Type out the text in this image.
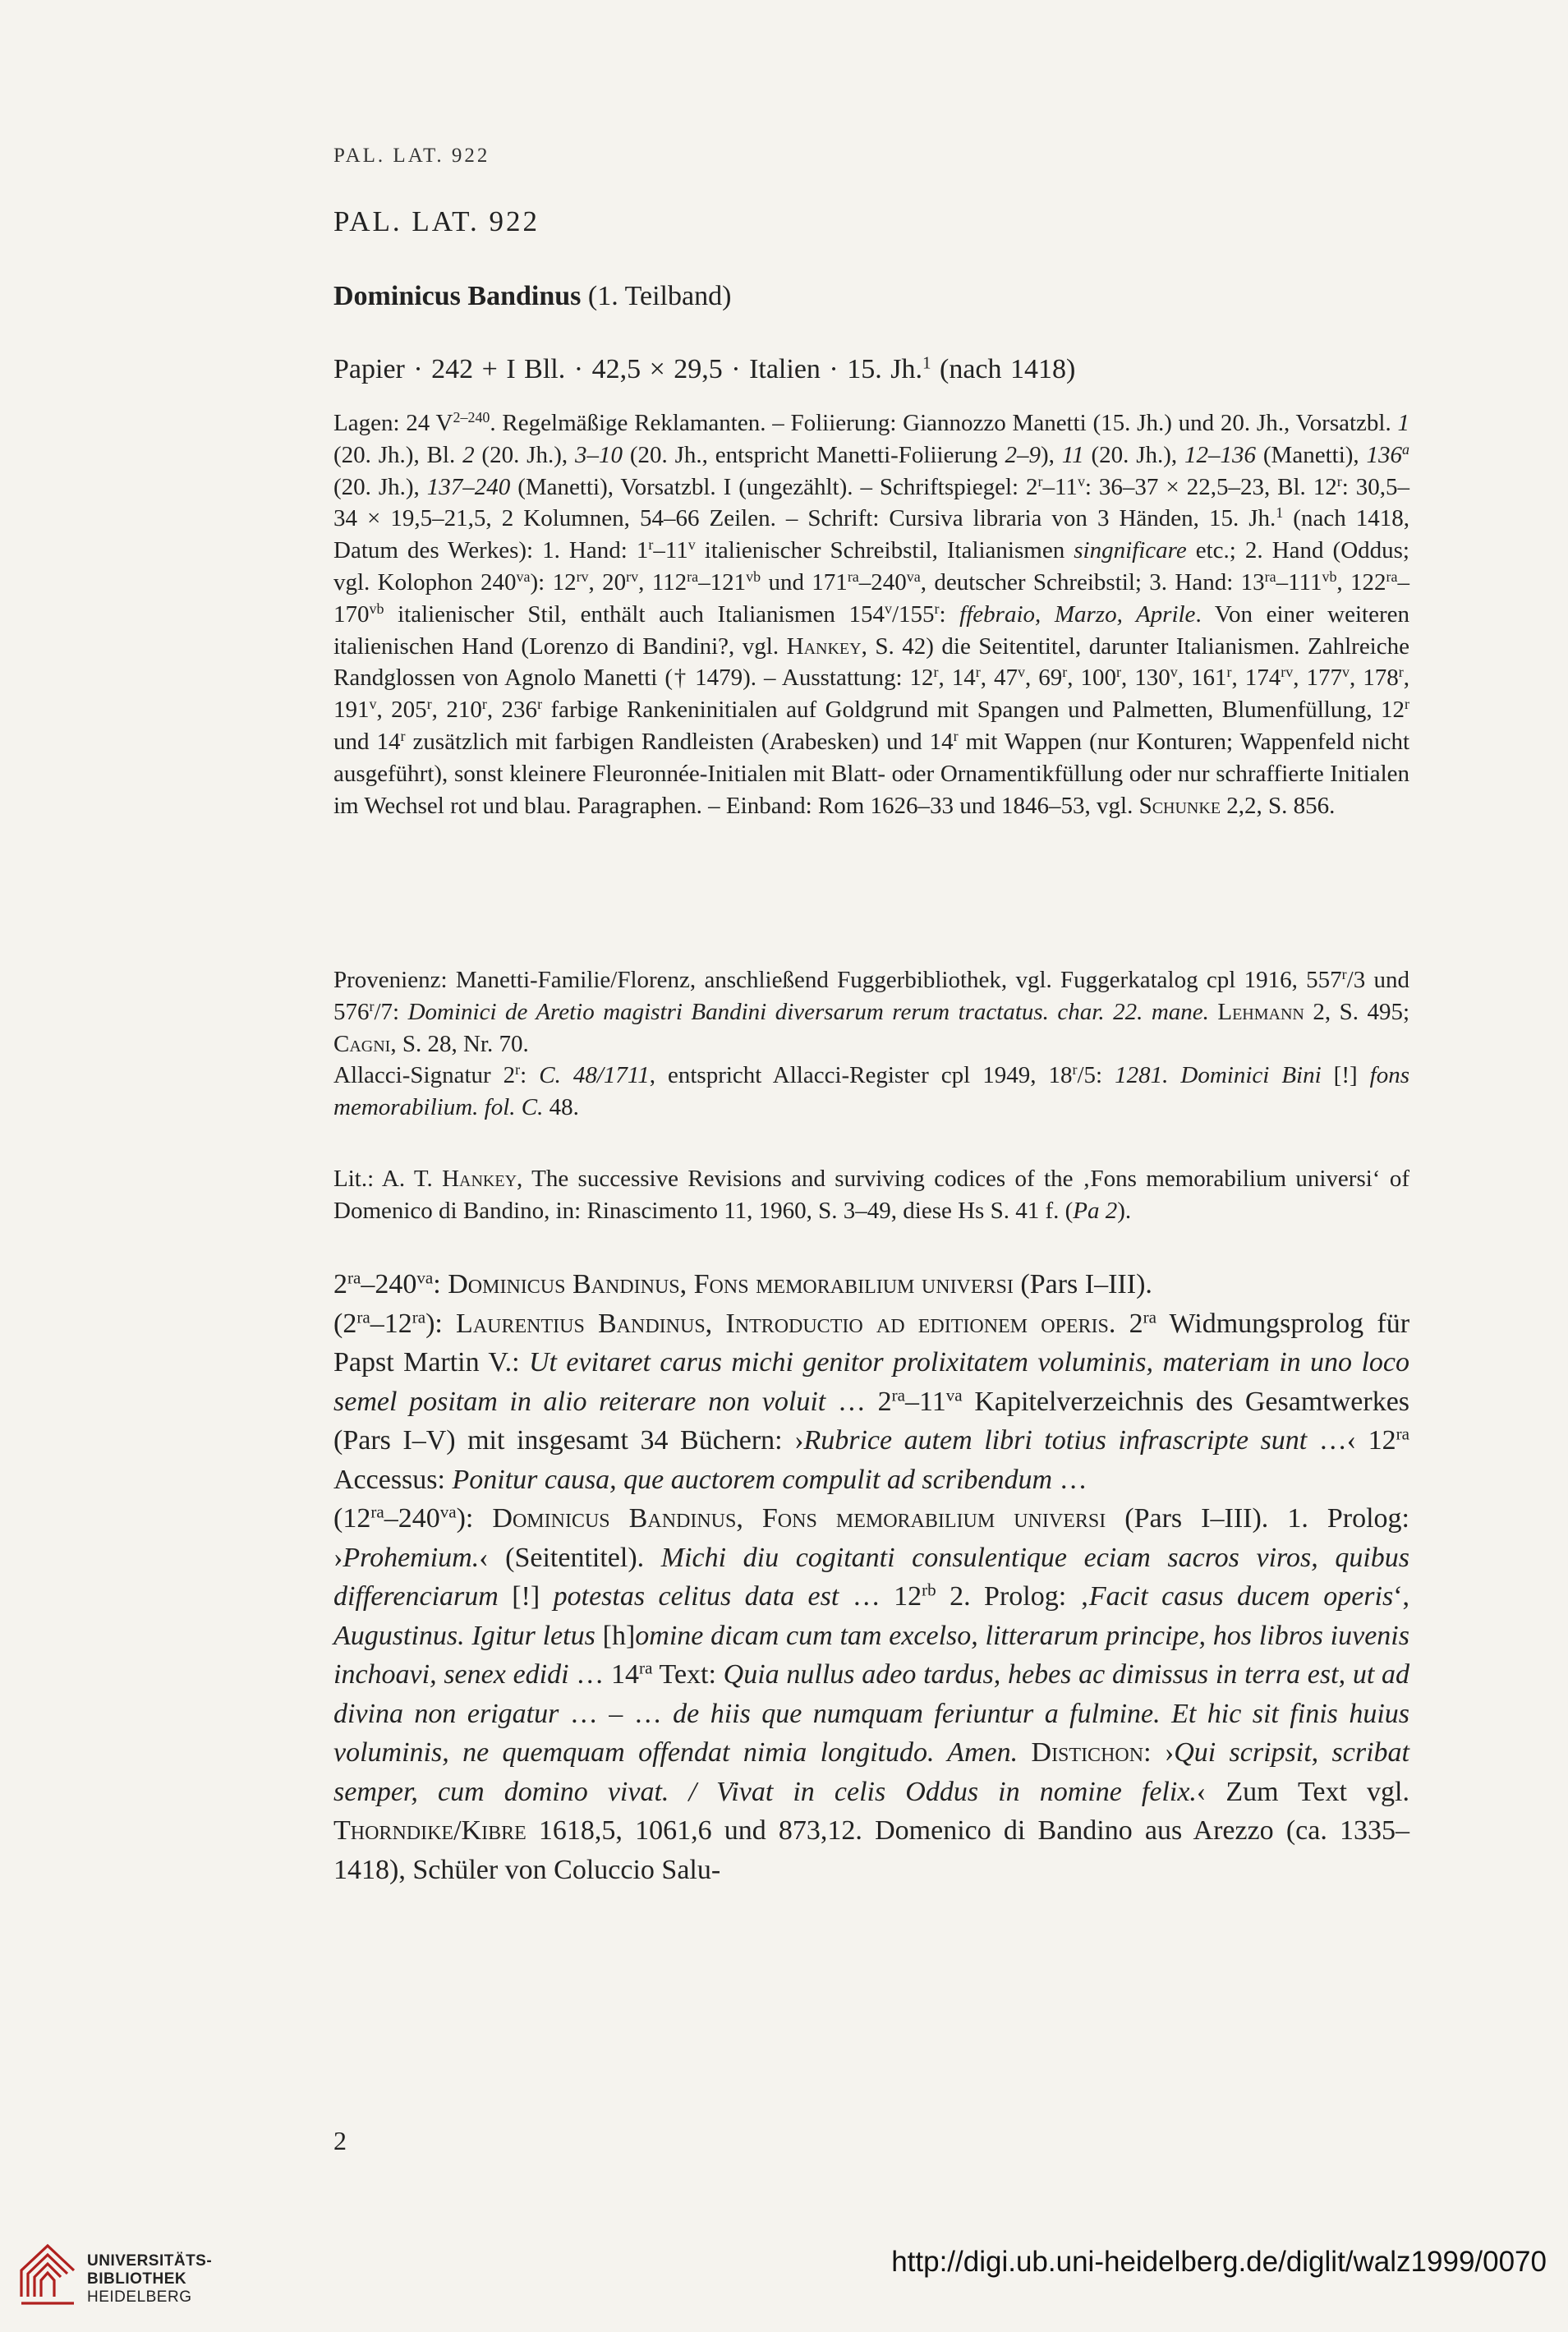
PAL. LAT. 922
PAL. LAT. 922
Dominicus Bandinus (1. Teilband)
Papier · 242 + I Bll. · 42,5 × 29,5 · Italien · 15. Jh.$^1$ (nach 1418)

Lagen: 24 $V^{2-240}$. Regelmäßige Reklamanten. – Foliierung: Giannozzo Manetti (15. Jh.) und 20. Jh., Vorsatzbl. 1 (20. Jh.), Bl. 2 (20. Jh.), 3–10 (20. Jh., entspricht Manetti-Foliierung 2–9), 11 (20. Jh.), 12–136 (Manetti), 136$^a$ (20. Jh.), 137–240 (Manetti), Vorsatzbl. I (ungezählt). – Schriftspiegel: 2$^r$–11$^v$: 36–37 × 22,5–23, Bl. 12$^r$: 30,5–34 × 19,5–21,5, 2 Kolumnen, 54–66 Zeilen. – Schrift: Cursiva libraria von 3 Händen, 15. Jh.$^1$ (nach 1418, Datum des Werkes): 1. Hand: 1$^r$–11$^v$ italienischer Schreibstil, Italianismen singnificare etc.; 2. Hand (Oddus; vgl. Kolophon $240^{va}$): $12^{rv}$, $20^{rv}$, $112^{ra}-121^{vb}$ und $171^{ra}-240^{va}$, deutscher Schreibstil; 3. Hand: $13^{ra}-111^{vb}$, $122^{ra}-170^{vb}$ italienischer Stil, enthält auch Italianismen 154$^v$/155$^r$: ffebraio, Marzo, Aprile. Von einer weiteren italienischen Hand (Lorenzo di Bandini?, vgl. Hankey, S. 42) die Seitentitel, darunter Italianismen. Zahlreiche Randglossen von Agnolo Manetti († 1479). – Ausstattung: 12$^r$, 14$^r$, 47$^v$, 69$^r$, 100$^r$, 130$^v$, 161$^r$, $174^{rv}$, 177$^v$, 178$^r$, 191$^v$, 205$^r$, 210$^r$, 236$^r$ farbige Rankeninitialen auf Goldgrund mit Spangen und Palmetten, Blumenfüllung, 12$^r$ und 14$^r$ zusätzlich mit farbigen Randleisten (Arabesken) und 14$^r$ mit Wappen (nur Konturen; Wappenfeld nicht ausgeführt), sonst kleinere Fleuronnée-Initialen mit Blatt- oder Ornamentikfüllung oder nur schraffierte Initialen im Wechsel rot und blau. Paragraphen. – Einband: Rom 1626–33 und 1846–53, vgl. Schunke 2,2, S. 856.

Provenienz: Manetti-Familie/Florenz, anschließend Fuggerbibliothek, vgl. Fuggerkatalog cpl 1916, 557$^r$/3 und 576$^r$/7: Dominici de Aretio magistri Bandini diversarum rerum tractatus. char. 22. mane. Lehmann 2, S. 495; Cagni, S. 28, Nr. 70.

Allacci-Signatur 2$^r$: C. 48/1711, entspricht Allacci-Register cpl 1949, 18$^r$/5: 1281. Dominici Bini [!] fons memorabilium. fol. C. 48.

Lit.: A. T. Hankey, The successive Revisions and surviving codices of the ‚Fons memorabilium universi‘ of Domenico di Bandino, in: Rinascimento 11, 1960, S. 3–49, diese Hs S. 41 f. (Pa 2).

$2^{ra}-240^{va}$: Dominicus Bandinus, Fons memorabilium universi (Pars I–III).

$(2^{ra}-12^{ra})$: Laurentius Bandinus, Introductio ad editionem operis. $2^{ra}$ Widmungsprolog für Papst Martin V.: Ut evitaret carus michi genitor prolixitatem voluminis, materiam in uno loco semel positam in alio reiterare non voluit … $2^{ra}-11^{va}$ Kapitelverzeichnis des Gesamtwerkes (Pars I–V) mit insgesamt 34 Büchern: ›Rubrice autem libri totius infrascripte sunt …‹ $12^{ra}$ Accessus: Ponitur causa, que auctorem compulit ad scribendum …

$(12^{ra}-240^{va})$: Dominicus Bandinus, Fons memorabilium universi (Pars I–III). 1. Prolog: ›Prohemium.‹ (Seitentitel). Michi diu cogitanti consulentique eciam sacros viros, quibus differenciarum [!] potestas celitus data est … $12^{rb}$ 2. Prolog: ‚Facit casus ducem operis‘, Augustinus. Igitur letus [h]omine dicam cum tam excelso, litterarum principe, hos libros iuvenis inchoavi, senex edidi … $14^{ra}$ Text: Quia nullus adeo tardus, hebes ac dimissus in terra est, ut ad divina non erigatur … – … de hiis que numquam feriuntur a fulmine. Et hic sit finis huius voluminis, ne quemquam offendat nimia longitudo. Amen. Distichon: ›Qui scripsit, scribat semper, cum domino vivat. / Vivat in celis Oddus in nomine felix.‹ Zum Text vgl. Thorndike/Kibre 1618,5, 1061,6 und 873,12. Domenico di Bandino aus Arezzo (ca. 1335–1418), Schüler von Coluccio Salu-

2
UNIVERSITÄTS-
BIBLIOTHEK
HEIDELBERG
http://digi.ub.uni-heidelberg.de/diglit/walz1999/0070
